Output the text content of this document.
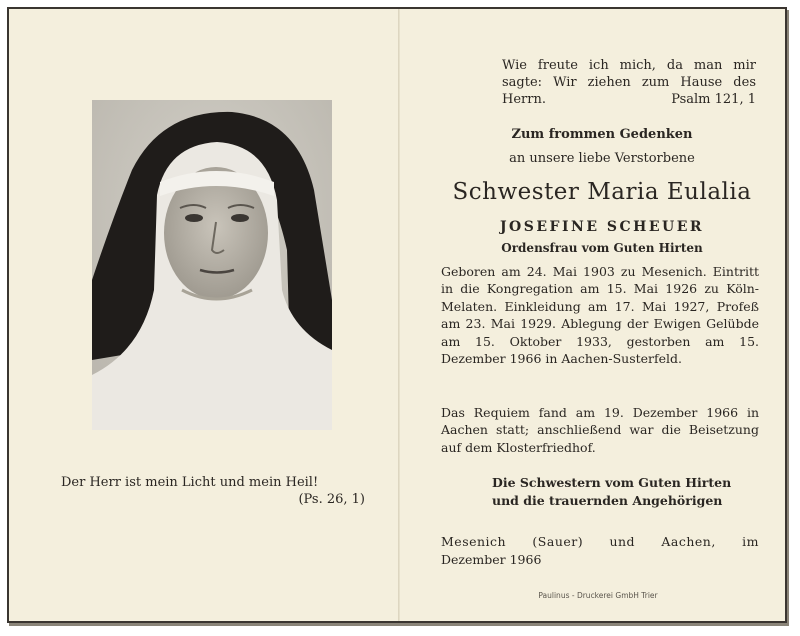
Der Herr ist mein Licht und mein Heil!
(Ps. 26, 1)
Wie freute ich mich, da man mir
sagte: Wir ziehen zum Hause des
Herrn.	Psalm 121, 1
Zum frommen Gedenken
an unsere liebe Verstorbene
Schwester Maria Eulalia
JOSEFINE SCHEUER
Ordensfrau vom Guten Hirten
Geboren am 24. Mai 1903 zu Mesenich. Eintritt in die Kongregation am 15. Mai 1926 zu Köln-Melaten. Einkleidung am 17. Mai 1927, Profeß am 23. Mai 1929. Ablegung der Ewigen Gelübde am 15. Oktober 1933, gestorben am 15. Dezember 1966 in Aachen-Susterfeld.
Das Requiem fand am 19. Dezember 1966 in Aachen statt; anschließend war die Beisetzung auf dem Klosterfriedhof.
Die Schwestern vom Guten Hirten
und die trauernden Angehörigen
Mesenich (Sauer) und Aachen, im
Dezember 1966
Paulinus - Druckerei GmbH Trier
